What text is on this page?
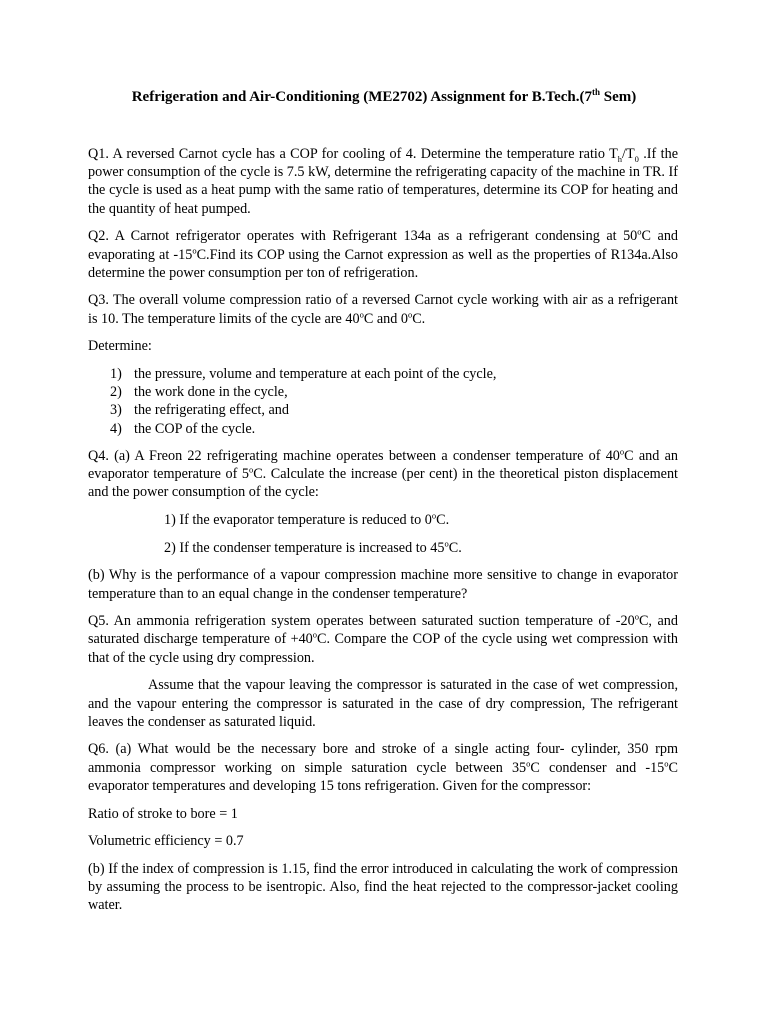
Refrigeration and Air-Conditioning (ME2702) Assignment for B.Tech.(7th Sem)

Q1. A reversed Carnot cycle has a COP for cooling of 4. Determine the temperature ratio $T_h/T_0$ .If the power consumption of the cycle is 7.5 kW, determine the refrigerating capacity of the machine in TR. If the cycle is used as a heat pump with the same ratio of temperatures, determine its COP for heating and the quantity of heat pumped.

Q2. A Carnot refrigerator operates with Refrigerant 134a as a refrigerant condensing at 50$^o$C and evaporating at -15$^o$C.Find its COP using the Carnot expression as well as the properties of R134a.Also determine the power consumption per ton of refrigeration.

Q3. The overall volume compression ratio of a reversed Carnot cycle working with air as a refrigerant is 10. The temperature limits of the cycle are 40$^o$C and 0$^o$C.

Determine:

1) the pressure, volume and temperature at each point of the cycle,
2) the work done in the cycle,
3) the refrigerating effect, and
4) the COP of the cycle.

Q4. (a) A Freon 22 refrigerating machine operates between a condenser temperature of 40$^o$C and an evaporator temperature of 5$^o$C. Calculate the increase (per cent) in the theoretical piston displacement and the power consumption of the cycle:

1) If the evaporator temperature is reduced to 0$^o$C.

2) If the condenser temperature is increased to 45$^o$C.

(b) Why is the performance of a vapour compression machine more sensitive to change in evaporator temperature than to an equal change in the condenser temperature?

Q5. An ammonia refrigeration system operates between saturated suction temperature of -20$^o$C, and saturated discharge temperature of $+40^oC$. Compare the COP of the cycle using wet compression with that of the cycle using dry compression.

Assume that the vapour leaving the compressor is saturated in the case of wet compression, and the vapour entering the compressor is saturated in the case of dry compression, The refrigerant leaves the condenser as saturated liquid.

Q6. (a) What would be the necessary bore and stroke of a single acting four- cylinder, 350 rpm ammonia compressor working on simple saturation cycle between 35$^o$C condenser and -15$^o$C evaporator temperatures and developing 15 tons refrigeration. Given for the compressor:

Ratio of stroke to bore = 1

Volumetric efficiency = 0.7

(b) If the index of compression is 1.15, find the error introduced in calculating the work of compression by assuming the process to be isentropic. Also, find the heat rejected to the compressor-jacket cooling water.
